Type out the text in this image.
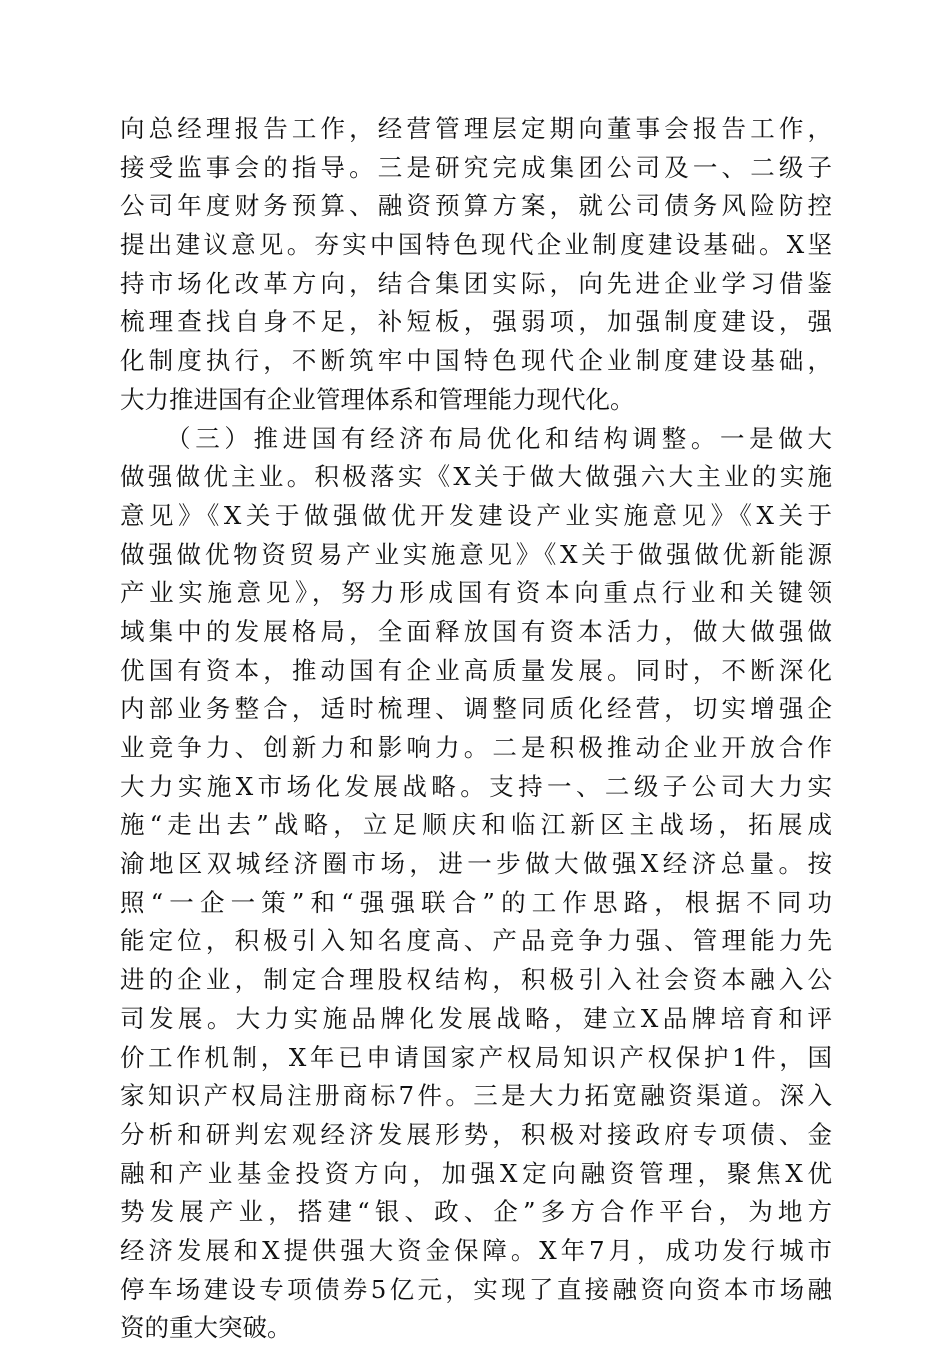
向总经理报告工作，经营管理层定期向董事会报告工作，
接受监事会的指导。三是研究完成集团公司及一、二级子
公司年度财务预算、融资预算方案，就公司债务风险防控
提出建议意见。夯实中国特色现代企业制度建设基础。X坚
持市场化改革方向，结合集团实际，向先进企业学习借鉴
梳理查找自身不足，补短板，强弱项，加强制度建设，强
化制度执行，不断筑牢中国特色现代企业制度建设基础，
大力推进国有企业管理体系和管理能力现代化。
　　（三）推进国有经济布局优化和结构调整。一是做大
做强做优主业。积极落实《X关于做大做强六大主业的实施
意见》《X关于做强做优开发建设产业实施意见》《X关于
做强做优物资贸易产业实施意见》《X关于做强做优新能源
产业实施意见》，努力形成国有资本向重点行业和关键领
域集中的发展格局，全面释放国有资本活力，做大做强做
优国有资本，推动国有企业高质量发展。同时，不断深化
内部业务整合，适时梳理、调整同质化经营，切实增强企
业竞争力、创新力和影响力。二是积极推动企业开放合作
大力实施X市场化发展战略。支持一、二级子公司大力实
施“走出去”战略，立足顺庆和临江新区主战场，拓展成
渝地区双城经济圈市场，进一步做大做强X经济总量。按
照“一企一策”和“强强联合”的工作思路，根据不同功
能定位，积极引入知名度高、产品竞争力强、管理能力先
进的企业，制定合理股权结构，积极引入社会资本融入公
司发展。大力实施品牌化发展战略，建立X品牌培育和评
价工作机制，X年已申请国家产权局知识产权保护1件，国
家知识产权局注册商标7件。三是大力拓宽融资渠道。深入
分析和研判宏观经济发展形势，积极对接政府专项债、金
融和产业基金投资方向，加强X定向融资管理，聚焦X优
势发展产业，搭建“银、政、企”多方合作平台，为地方
经济发展和X提供强大资金保障。X年7月，成功发行城市
停车场建设专项债券5亿元，实现了直接融资向资本市场融
资的重大突破。
